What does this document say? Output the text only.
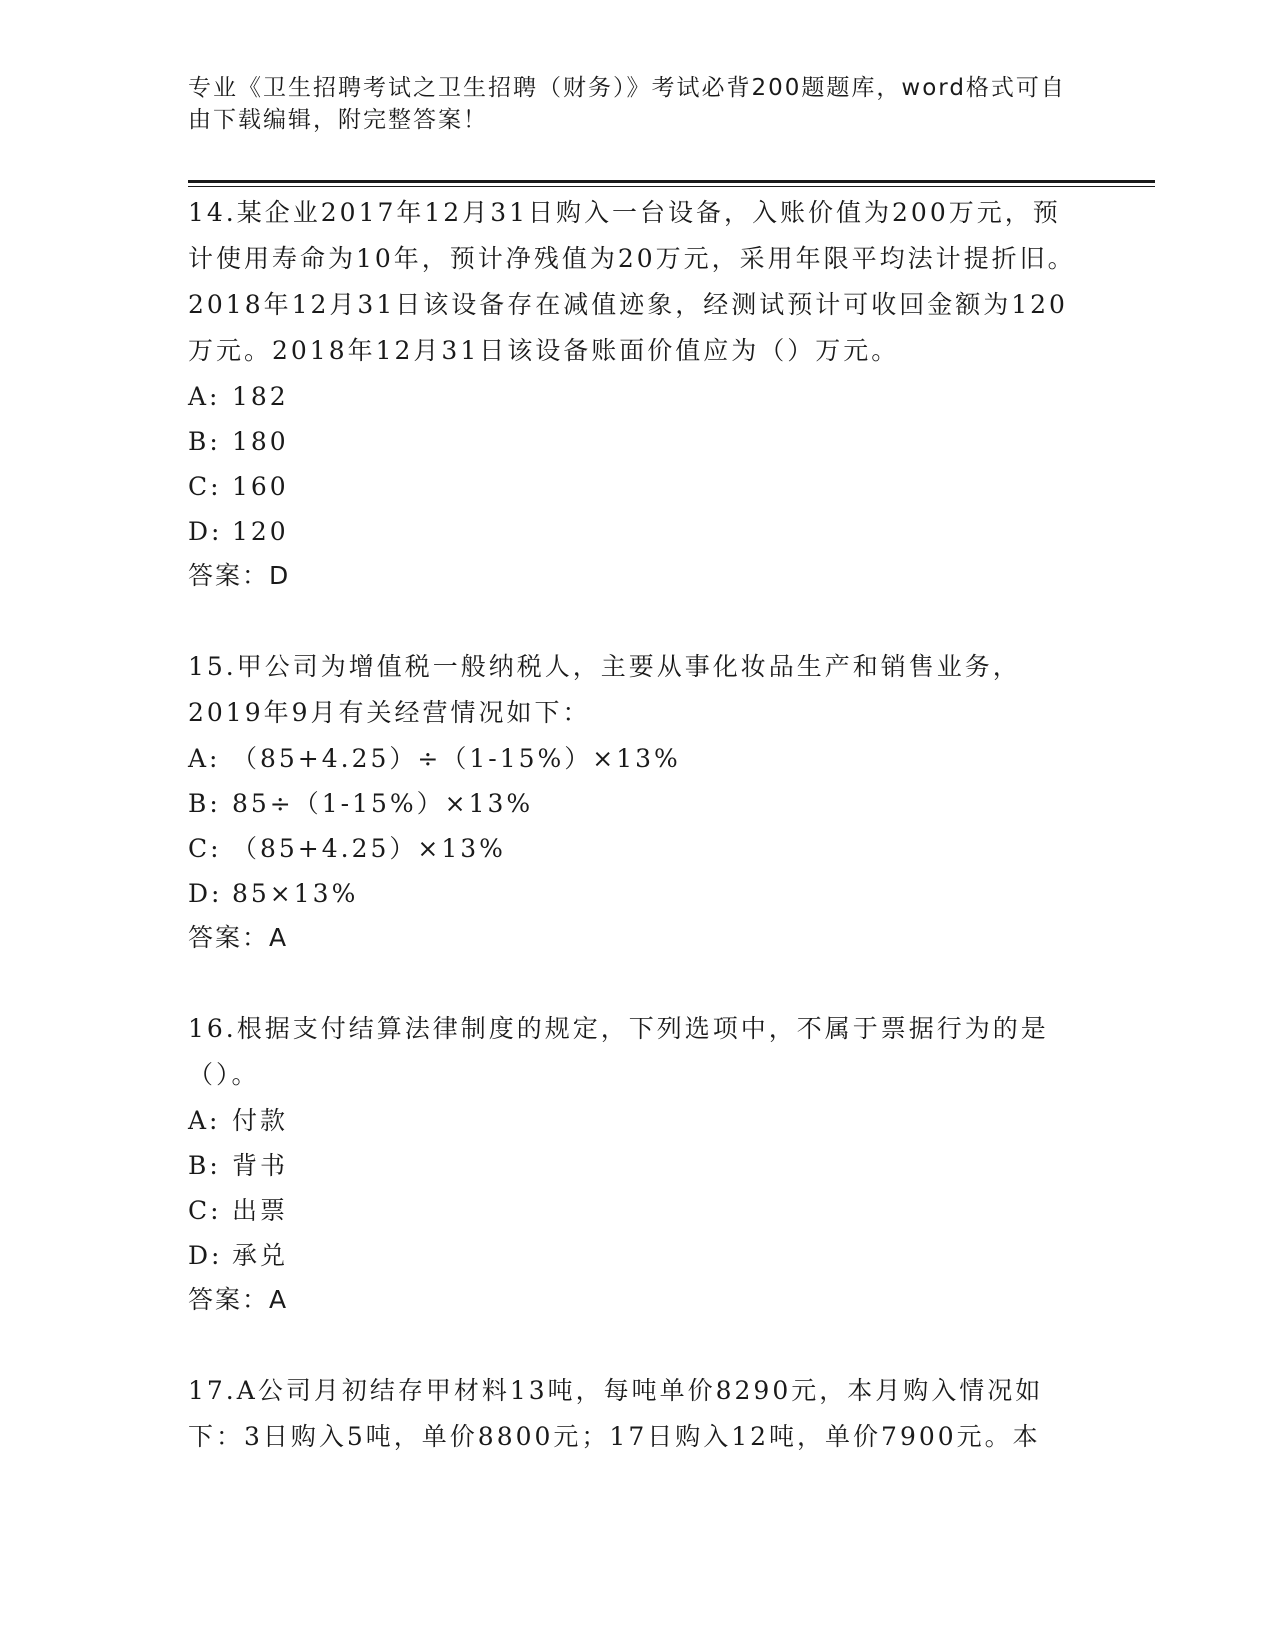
专业《卫生招聘考试之卫生招聘（财务）》考试必背200题题库，word格式可自由下载编辑，附完整答案！

14.某企业2017年12月31日购入一台设备，入账价值为200万元，预计使用寿命为10年，预计净残值为20万元，采用年限平均法计提折旧。2018年12月31日该设备存在减值迹象，经测试预计可收回金额为120万元。2018年12月31日该设备账面价值应为（）万元。

A: 182

B: 180

C: 160

D: 120

答案：D

15.甲公司为增值税一般纳税人，主要从事化妆品生产和销售业务，2019年9月有关经营情况如下：

A: （85+4.25）÷（1-15%）×13%

B: 85÷（1-15%）×13%

C: （85+4.25）×13%

D: 85×13%

答案：A

16.根据支付结算法律制度的规定，下列选项中，不属于票据行为的是（）。

A: 付款

B: 背书

C: 出票

D: 承兑

答案：A

17.A公司月初结存甲材料13吨，每吨单价8290元，本月购入情况如下：3日购入5吨，单价8800元；17日购入12吨，单价7900元。本
